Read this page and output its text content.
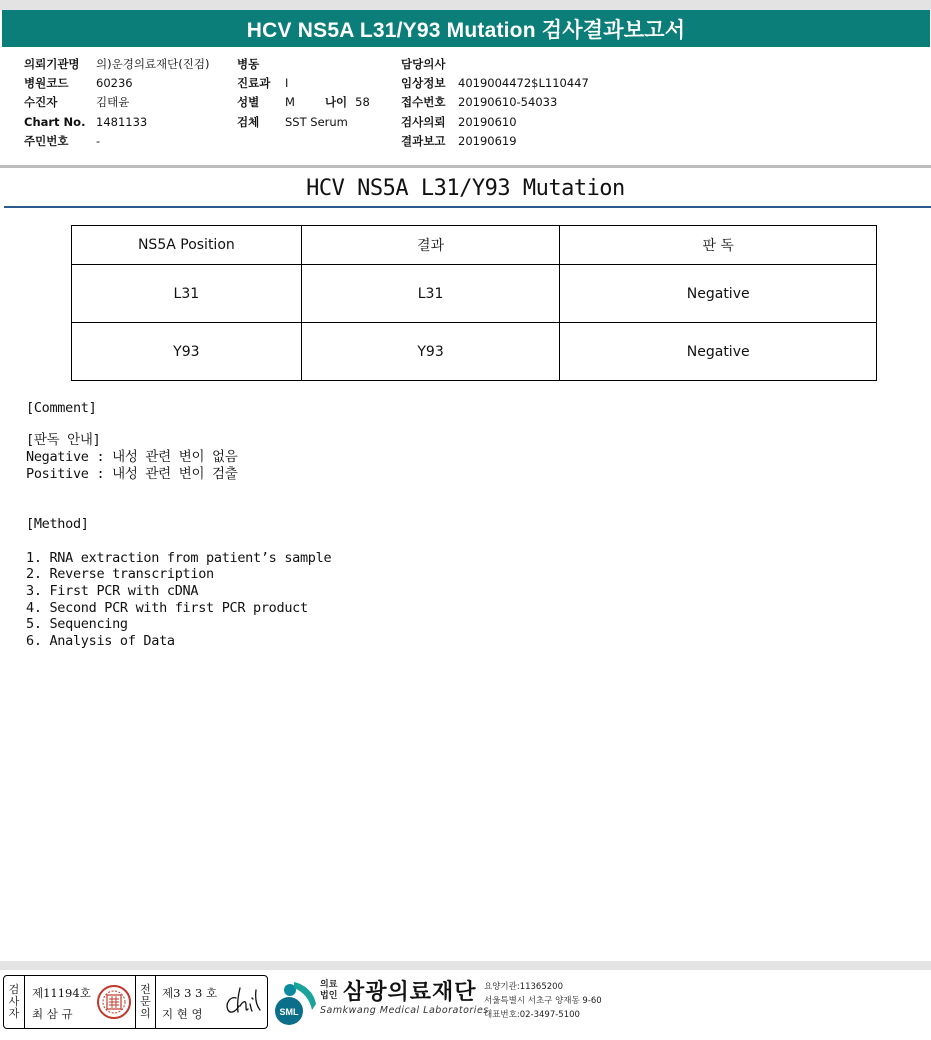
HCV NS5A L31/Y93 Mutation 검사결과보고서
의뢰기관명	의)운경의료재단(진검)
병원코드	60236
수진자	김태윤
Chart No. 1481133
주민번호	-
병동
진료과	I
성별	M	나이 58
검체	SST Serum
담당의사
임상정보	4019004472$L110447
접수번호	20190610-54033
검사의뢰	20190610
결과보고	20190619
HCV NS5A L31/Y93 Mutation
NS5A Position	결과	판 독
L31	L31	Negative
Y93	Y93	Negative
[Comment]
[판독 안내]
Negative : 내성 관련 변이 없음
Positive : 내성 관련 변이 검출
[Method]
1. RNA extraction from patient’s sample
2. Reverse transcription
3. First PCR with cDNA
4. Second PCR with first PCR product
5. Sequencing
6. Analysis of Data
검
사
자
제11194호
최 삼 규
전
문
의
제3 3 3 호
지 현 영	SML
의료
법인 삼광의료재단
Samkwang Medical Laboratories
요양기관:11365200
서울특별시 서초구 양재동 9-60
대표번호:02-3497-5100
